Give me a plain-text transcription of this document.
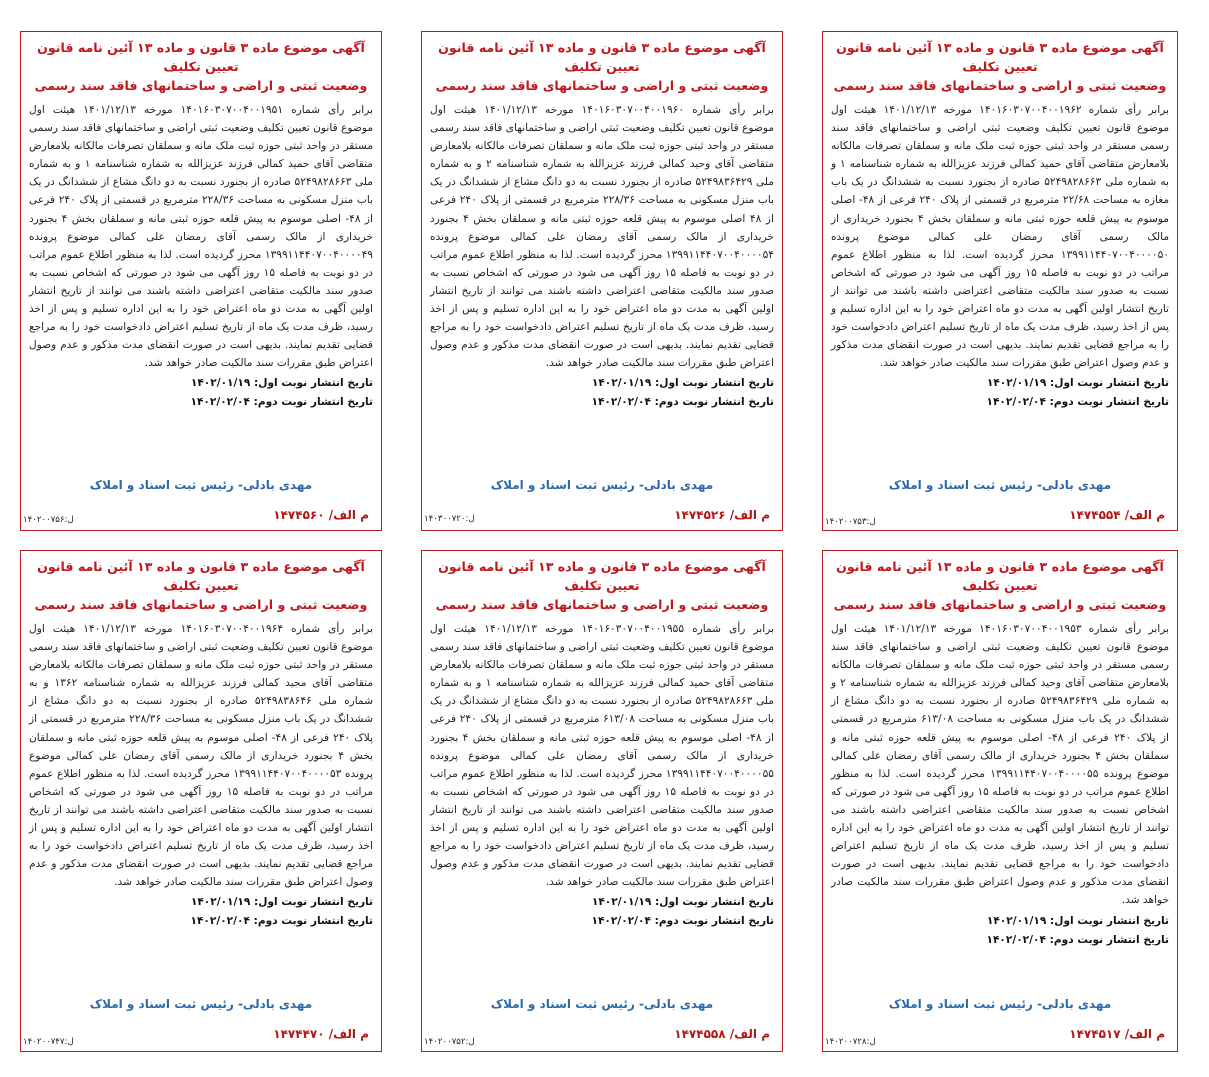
آگهی موضوع ماده ۳ قانون و ماده ۱۳ آئین نامه قانون تعیین تکلیف
وضعیت ثبتی و اراضی و ساختمانهای فاقد سند رسمی
برابر رأی شماره ۱۴۰۱۶۰۳۰۷۰۰۴۰۰۱۹۶۲ مورخه ۱۴۰۱/۱۲/۱۳ هیئت اول موضوع قانون تعیین تکلیف وضعیت ثبتی اراضی و ساختمانهای فاقد سند رسمی مستقر در واحد ثبتی حوزه ثبت ملک مانه و سملقان تصرفات مالکانه بلامعارض متقاضی آقای حمید کمالی فرزند عزیزالله به شماره شناسنامه ۱ و به شماره ملی ۵۲۴۹۸۲۸۶۶۳ صادره از بجنورد نسبت به ششدانگ در یک باب مغازه به مساحت ۲۲/۶۸ مترمربع در قسمتی از پلاک ۲۴۰ فرعی از ۴۸- اصلی موسوم به پیش قلعه حوزه ثبتی مانه و سملقان بخش ۴ بجنورد خریداری از مالک رسمی آقای رمضان علی کمالی موضوع پرونده ۱۳۹۹۱۱۴۴۰۷۰۰۴۰۰۰۰۵۰ محرز گردیده است. لذا به منظور اطلاع عموم مراتب در دو نوبت به فاصله ۱۵ روز آگهی می شود در صورتی که اشخاص نسبت به صدور سند مالکیت متقاضی اعتراضی داشته باشند می توانند از تاریخ انتشار اولین آگهی به مدت دو ماه اعتراض خود را به این اداره تسلیم و پس از اخذ رسید، ظرف مدت یک ماه از تاریخ تسلیم اعتراض دادخواست خود را به مراجع قضایی تقدیم نمایند. بدیهی است در صورت انقضای مدت مذکور و عدم وصول اعتراض طبق مقررات سند مالکیت صادر خواهد شد.
تاریخ انتشار نوبت اول: ۱۴۰۲/۰۱/۱۹
تاریخ انتشار نوبت دوم: ۱۴۰۲/۰۲/۰۴
مهدی بادلی- رئیس ثبت اسناد و املاک
م الف/ ۱۴۷۴۵۵۴
ل:۱۴۰۲۰۰۷۵۳
آگهی موضوع ماده ۳ قانون و ماده ۱۳ آئین نامه قانون تعیین تکلیف
وضعیت ثبتی و اراضی و ساختمانهای فاقد سند رسمی
برابر رأی شماره ۱۴۰۱۶۰۳۰۷۰۰۴۰۰۱۹۶۰ مورخه ۱۴۰۱/۱۲/۱۳ هیئت اول موضوع قانون تعیین تکلیف وضعیت ثبتی اراضی و ساختمانهای فاقد سند رسمی مستقر در واحد ثبتی حوزه ثبت ملک مانه و سملقان تصرفات مالکانه بلامعارض متقاضی آقای وحید کمالی فرزند عزیزالله به شماره شناسنامه ۲ و به شماره ملی ۵۲۴۹۸۳۶۴۲۹ صادره از بجنورد نسبت به دو دانگ مشاع از ششدانگ در یک باب منزل مسکونی به مساحت ۲۲۸/۳۶ مترمربع در قسمتی از پلاک ۲۴۰ فرعی از ۴۸ اصلی موسوم به پیش قلعه حوزه ثبتی مانه و سملقان بخش ۴ بجنورد خریداری از مالک رسمی آقای رمضان علی کمالی موضوع پرونده ۱۳۹۹۱۱۴۴۰۷۰۰۴۰۰۰۰۵۴ محرز گردیده است. لذا به منظور اطلاع عموم مراتب در دو نوبت به فاصله ۱۵ روز آگهی می شود در صورتی که اشخاص نسبت به صدور سند مالکیت متقاضی اعتراضی داشته باشند می توانند از تاریخ انتشار اولین آگهی به مدت دو ماه اعتراض خود را به این اداره تسلیم و پس از اخذ رسید، ظرف مدت یک ماه از تاریخ تسلیم اعتراض دادخواست خود را به مراجع قضایی تقدیم نمایند. بدیهی است در صورت انقضای مدت مذکور و عدم وصول اعتراض طبق مقررات سند مالکیت صادر خواهد شد.
تاریخ انتشار نوبت اول: ۱۴۰۲/۰۱/۱۹
تاریخ انتشار نوبت دوم: ۱۴۰۲/۰۲/۰۴
مهدی بادلی- رئیس ثبت اسناد و املاک
م الف/ ۱۴۷۴۵۲۶
ل:۱۴۰۳۰۰۷۲۰
آگهی موضوع ماده ۳ قانون و ماده ۱۳ آئین نامه قانون تعیین تکلیف
وضعیت ثبتی و اراضی و ساختمانهای فاقد سند رسمی
برابر رأی شماره ۱۴۰۱۶۰۳۰۷۰۰۴۰۰۱۹۵۱ مورخه ۱۴۰۱/۱۲/۱۳ هیئت اول موضوع قانون تعیین تکلیف وضعیت ثبتی اراضی و ساختمانهای فاقد سند رسمی مستقر در واحد ثبتی حوزه ثبت ملک مانه و سملقان تصرفات مالکانه بلامعارض متقاضی آقای حمید کمالی فرزند عزیزالله به شماره شناسنامه ۱ و به شماره ملی ۵۲۴۹۸۲۸۶۶۳ صادره از بجنورد نسبت به دو دانگ مشاع از ششدانگ در یک باب منزل مسکونی به مساحت ۲۲۸/۳۶ مترمربع در قسمتی از پلاک ۲۴۰ فرعی از ۴۸- اصلی موسوم به پیش قلعه حوزه ثبتی مانه و سملقان بخش ۴ بجنورد خریداری از مالک رسمی آقای رمضان علی کمالی موضوع پرونده ۱۳۹۹۱۱۴۴۰۷۰۰۴۰۰۰۰۴۹ محرز گردیده است. لذا به منظور اطلاع عموم مراتب در دو نوبت به فاصله ۱۵ روز آگهی می شود در صورتی که اشخاص نسبت به صدور سند مالکیت متقاضی اعتراضی داشته باشند می توانند از تاریخ انتشار اولین آگهی به مدت دو ماه اعتراض خود را به این اداره تسلیم و پس از اخذ رسید، ظرف مدت یک ماه از تاریخ تسلیم اعتراض دادخواست خود را به مراجع قضایی تقدیم نمایند. بدیهی است در صورت انقضای مدت مذکور و عدم وصول اعتراض طبق مقررات سند مالکیت صادر خواهد شد.
تاریخ انتشار نوبت اول: ۱۴۰۲/۰۱/۱۹
تاریخ انتشار نوبت دوم: ۱۴۰۲/۰۲/۰۴
مهدی بادلی- رئیس ثبت اسناد و املاک
م الف/ ۱۴۷۴۵۶۰
ل:۱۴۰۲۰۰۷۵۶
آگهی موضوع ماده ۳ قانون و ماده ۱۳ آئین نامه قانون تعیین تکلیف
وضعیت ثبتی و اراضی و ساختمانهای فاقد سند رسمی
برابر رأی شماره ۱۴۰۱۶۰۳۰۷۰۰۴۰۰۱۹۵۳ مورخه ۱۴۰۱/۱۲/۱۳ هیئت اول موضوع قانون تعیین تکلیف وضعیت ثبتی اراضی و ساختمانهای فاقد سند رسمی مستقر در واحد ثبتی حوزه ثبت ملک مانه و سملقان تصرفات مالکانه بلامعارض متقاضی آقای وحید کمالی فرزند عزیزالله به شماره شناسنامه ۲ و به شماره ملی ۵۲۴۹۸۳۶۴۲۹ صادره از بجنورد نسبت به دو دانگ مشاع از ششدانگ در یک باب منزل مسکونی به مساحت ۶۱۳/۰۸ مترمربع در قسمتی از پلاک ۲۴۰ فرعی از ۴۸- اصلی موسوم به پیش قلعه حوزه ثبتی مانه و سملقان بخش ۴ بجنورد خریداری از مالک رسمی آقای رمضان علی کمالی موضوع پرونده ۱۳۹۹۱۱۴۴۰۷۰۰۴۰۰۰۰۵۵ محرز گردیده است. لذا به منظور اطلاع عموم مراتب در دو نوبت به فاصله ۱۵ روز آگهی می شود در صورتی که اشخاص نسبت به صدور سند مالکیت متقاضی اعتراضی داشته باشند می توانند از تاریخ انتشار اولین آگهی به مدت دو ماه اعتراض خود را به این اداره تسلیم و پس از اخذ رسید، ظرف مدت یک ماه از تاریخ تسلیم اعتراض دادخواست خود را به مراجع قضایی تقدیم نمایند. بدیهی است در صورت انقضای مدت مذکور و عدم وصول اعتراض طبق مقررات سند مالکیت صادر خواهد شد.
تاریخ انتشار نوبت اول: ۱۴۰۲/۰۱/۱۹
تاریخ انتشار نوبت دوم: ۱۴۰۲/۰۲/۰۴
مهدی بادلی- رئیس ثبت اسناد و املاک
م الف/ ۱۴۷۴۵۱۷
ل:۱۴۰۲۰۰۷۲۸
آگهی موضوع ماده ۳ قانون و ماده ۱۳ آئین نامه قانون تعیین تکلیف
وضعیت ثبتی و اراضی و ساختمانهای فاقد سند رسمی
برابر رأی شماره ۱۴۰۱۶۰۳۰۷۰۰۴۰۰۱۹۵۵ مورخه ۱۴۰۱/۱۲/۱۳ هیئت اول موضوع قانون تعیین تکلیف وضعیت ثبتی اراضی و ساختمانهای فاقد سند رسمی مستقر در واحد ثبتی حوزه ثبت ملک مانه و سملقان تصرفات مالکانه بلامعارض متقاضی آقای حمید کمالی فرزند عزیزالله به شماره شناسنامه ۱ و به شماره ملی ۵۲۴۹۸۲۸۶۶۳ صادره از بجنورد نسبت به دو دانگ مشاع از ششدانگ در یک باب منزل مسکونی به مساحت ۶۱۳/۰۸ مترمربع در قسمتی از پلاک ۲۴۰ فرعی از ۴۸- اصلی موسوم به پیش قلعه حوزه ثبتی مانه و سملقان بخش ۴ بجنورد خریداری از مالک رسمی آقای رمضان علی کمالی موضوع پرونده ۱۳۹۹۱۱۴۴۰۷۰۰۴۰۰۰۰۵۵ محرز گردیده است. لذا به منظور اطلاع عموم مراتب در دو نوبت به فاصله ۱۵ روز آگهی می شود در صورتی که اشخاص نسبت به صدور سند مالکیت متقاضی اعتراضی داشته باشند می توانند از تاریخ انتشار اولین آگهی به مدت دو ماه اعتراض خود را به این اداره تسلیم و پس از اخذ رسید، ظرف مدت یک ماه از تاریخ تسلیم اعتراض دادخواست خود را به مراجع قضایی تقدیم نمایند. بدیهی است در صورت انقضای مدت مذکور و عدم وصول اعتراض طبق مقررات سند مالکیت صادر خواهد شد.
تاریخ انتشار نوبت اول: ۱۴۰۲/۰۱/۱۹
تاریخ انتشار نوبت دوم: ۱۴۰۲/۰۲/۰۴
مهدی بادلی- رئیس ثبت اسناد و املاک
م الف/ ۱۴۷۴۵۵۸
ل:۱۴۰۲۰۰۷۵۲
آگهی موضوع ماده ۳ قانون و ماده ۱۳ آئین نامه قانون تعیین تکلیف
وضعیت ثبتی و اراضی و ساختمانهای فاقد سند رسمی
برابر رأی شماره ۱۴۰۱۶۰۳۰۷۰۰۴۰۰۱۹۶۴ مورخه ۱۴۰۱/۱۲/۱۳ هیئت اول موضوع قانون تعیین تکلیف وضعیت ثبتی اراضی و ساختمانهای فاقد سند رسمی مستقر در واحد ثبتی حوزه ثبت ملک مانه و سملقان تصرفات مالکانه بلامعارض متقاضی آقای مجید کمالی فرزند عزیزالله به شماره شناسنامه ۱۳۶۲ و به شماره ملی ۵۲۴۹۸۳۸۶۴۶ صادره از بجنورد نسبت به دو دانگ مشاع از ششدانگ در یک باب منزل مسکونی به مساحت ۲۲۸/۳۶ مترمربع در قسمتی از پلاک ۲۴۰ فرعی از ۴۸- اصلی موسوم به پیش قلعه حوزه ثبتی مانه و سملقان بخش ۴ بجنورد خریداری از مالک رسمی آقای رمضان علی کمالی موضوع پرونده ۱۳۹۹۱۱۴۴۰۷۰۰۴۰۰۰۰۵۳ محرز گردیده است. لذا به منظور اطلاع عموم مراتب در دو نوبت به فاصله ۱۵ روز آگهی می شود در صورتی که اشخاص نسبت به صدور سند مالکیت متقاضی اعتراضی داشته باشند می توانند از تاریخ انتشار اولین آگهی به مدت دو ماه اعتراض خود را به این اداره تسلیم و پس از اخذ رسید، ظرف مدت یک ماه از تاریخ تسلیم اعتراض دادخواست خود را به مراجع قضایی تقدیم نمایند. بدیهی است در صورت انقضای مدت مذکور و عدم وصول اعتراض طبق مقررات سند مالکیت صادر خواهد شد.
تاریخ انتشار نوبت اول: ۱۴۰۲/۰۱/۱۹
تاریخ انتشار نوبت دوم: ۱۴۰۲/۰۲/۰۴
مهدی بادلی- رئیس ثبت اسناد و املاک
م الف/ ۱۴۷۴۴۷۰
ل:۱۴۰۲۰۰۷۴۷
